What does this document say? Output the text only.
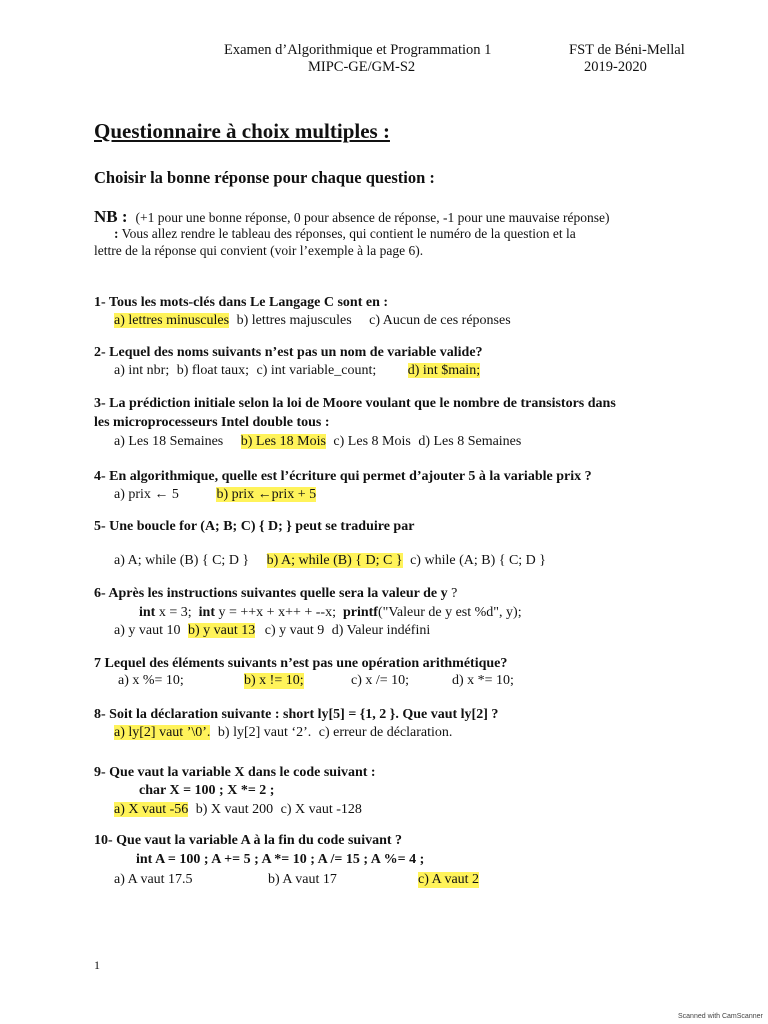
Examen d’Algorithmique et Programmation 1	FST de Béni-Mellal
MIPC-GE/GM-S2	2019-2020
Questionnaire à choix multiples :
Choisir la bonne réponse pour chaque question :
NB : (+1 pour une bonne réponse, 0 pour absence de réponse, -1 pour une mauvaise réponse)
: Vous allez rendre le tableau des réponses, qui contient le numéro de la question et la
lettre de la réponse qui convient (voir l’exemple à la page 6).
1- Tous les mots-clés dans Le Langage C sont en :
a) lettres minuscules b) lettres majuscules c) Aucun de ces réponses
2- Lequel des noms suivants n’est pas un nom de variable valide?
a) int nbr; b) float taux; c) int variable_count; d) int $main;
3- La prédiction initiale selon la loi de Moore voulant que le nombre de transistors dans
les microprocesseurs Intel double tous :
a) Les 18 Semaines b) Les 18 Mois c) Les 8 Mois d) Les 8 Semaines
4- En algorithmique, quelle est l’écriture qui permet d’ajouter 5 à la variable prix ?
a) prix ← 5	b) prix ←prix + 5
5- Une boucle for (A; B; C) { D; } peut se traduire par
a) A; while (B) { C; D } b) A; while (B) { D; C } c) while (A; B) { C; D }
6- Après les instructions suivantes quelle sera la valeur de y ?
int x = 3;  int y = ++x + x++ + --x;  printf("Valeur de y est %d", y);
a) y vaut 10 b) y vaut 13 c) y vaut 9 d) Valeur indéfini
7 Lequel des éléments suivants n’est pas une opération arithmétique?
a) x %= 10;	b) x != 10;	c) x /= 10;	d) x *= 10;
8- Soit la déclaration suivante : short ly[5] = {1, 2 }. Que vaut ly[2] ?
a) ly[2] vaut ’\0’. b) ly[2] vaut ‘2’. c) erreur de déclaration.
9- Que vaut la variable X dans le code suivant :
char X = 100 ; X *= 2 ;
a) X vaut -56 b) X vaut 200 c) X vaut -128
10- Que vaut la variable A à la fin du code suivant ?
int A = 100 ; A += 5 ; A *= 10 ; A /= 15 ; A %= 4 ;
a) A vaut 17.5	b) A vaut 17	c) A vaut 2
1
Scanned with CamScanner
